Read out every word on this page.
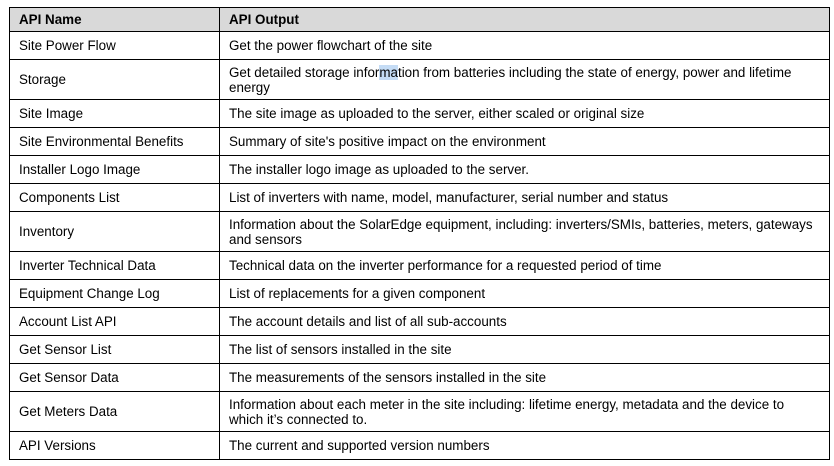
API Name	API Output
Site Power Flow	Get the power flowchart of the site
Storage	Get detailed storage information from batteries including the state of energy, power and lifetime energy
Site Image	The site image as uploaded to the server, either scaled or original size
Site Environmental Benefits	Summary of site's positive impact on the environment
Installer Logo Image	The installer logo image as uploaded to the server.
Components List	List of inverters with name, model, manufacturer, serial number and status
Inventory	Information about the SolarEdge equipment, including: inverters/SMIs, batteries, meters, gateways and sensors
Inverter Technical Data	Technical data on the inverter performance for a requested period of time
Equipment Change Log	List of replacements for a given component
Account List API	The account details and list of all sub-accounts
Get Sensor List	The list of sensors installed in the site
Get Sensor Data	The measurements of the sensors installed in the site
Get Meters Data	Information about each meter in the site including: lifetime energy, metadata and the device to which it’s connected to.
API Versions	The current and supported version numbers
